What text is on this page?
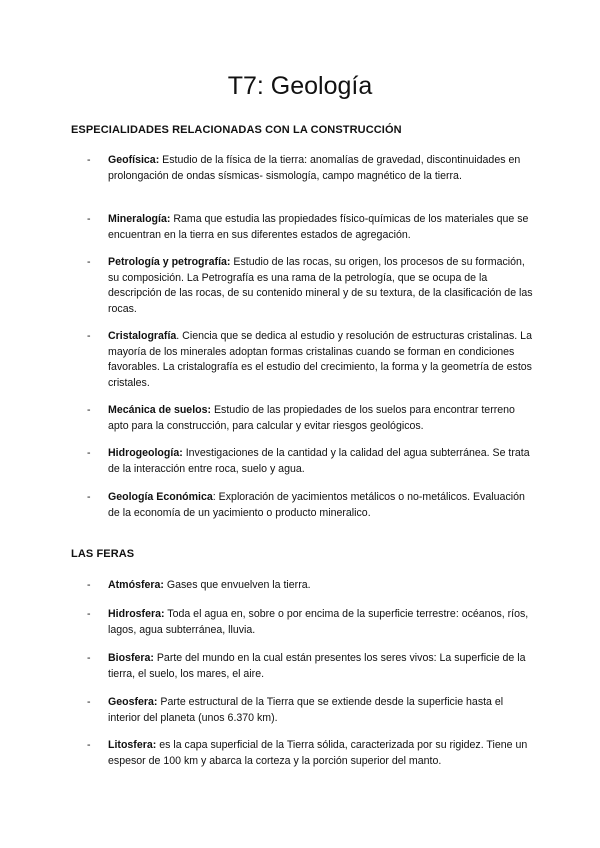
T7: Geología
ESPECIALIDADES RELACIONADAS CON LA CONSTRUCCIÓN
-	Geofísica: Estudio de la física de la tierra: anomalías de gravedad, discontinuidades en prolongación de ondas sísmicas- sismología, campo magnético de la tierra.
-	Mineralogía: Rama que estudia las propiedades físico-químicas de los materiales que se encuentran en la tierra en sus diferentes estados de agregación.
-	Petrología y petrografía: Estudio de las rocas, su origen, los procesos de su formación, su composición. La Petrografía es una rama de la petrología, que se ocupa de la descripción de las rocas, de su contenido mineral y de su textura, de la clasificación de las rocas.
-	Cristalografía. Ciencia que se dedica al estudio y resolución de estructuras cristalinas. La mayoría de los minerales adoptan formas cristalinas cuando se forman en condiciones favorables. La cristalografía es el estudio del crecimiento, la forma y la geometría de estos cristales.
-	Mecánica de suelos: Estudio de las propiedades de los suelos para encontrar terreno apto para la construcción, para calcular y evitar riesgos geológicos.
-	Hidrogeología: Investigaciones de la cantidad y la calidad del agua subterránea. Se trata de la interacción entre roca, suelo y agua.
-	Geología Económica: Exploración de yacimientos metálicos o no-metálicos. Evaluación de la economía de un yacimiento o producto mineralico.
LAS FERAS
-	Atmósfera: Gases que envuelven la tierra.
-	Hidrosfera: Toda el agua en, sobre o por encima de la superficie terrestre: océanos, ríos, lagos, agua subterránea, lluvia.
-	Biosfera: Parte del mundo en la cual están presentes los seres vivos: La superficie de la tierra, el suelo, los mares, el aire.
-	Geosfera: Parte estructural de la Tierra que se extiende desde la superficie hasta el interior del planeta (unos 6.370 km).
-	Litosfera: es la capa superficial de la Tierra sólida, caracterizada por su rigidez. Tiene un espesor de 100 km y abarca la corteza y la porción superior del manto.
